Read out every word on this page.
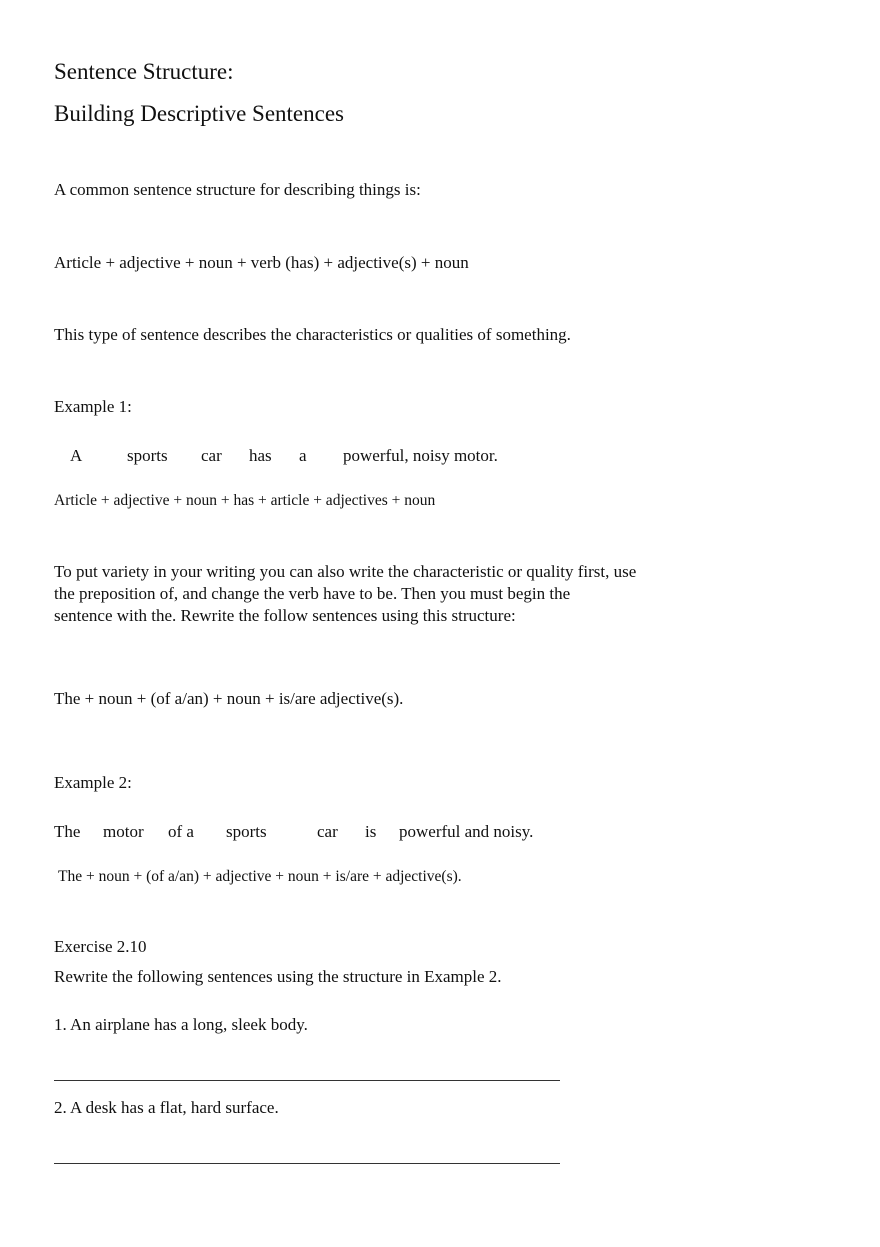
Sentence Structure:
Building Descriptive Sentences
A common sentence structure for describing things is:
Article + adjective + noun + verb (has) + adjective(s) + noun
This type of sentence describes the characteristics or qualities of something.
Example 1:
A	sports car has a powerful, noisy motor.
Article + adjective + noun + has + article + adjectives + noun
To put variety in your writing you can also write the characteristic or quality first, use
the preposition of, and change the verb have to be. Then you must begin the
sentence with the. Rewrite the follow sentences using this structure:
The + noun + (of a/an) + noun + is/are adjective(s).
Example 2:
The motor of a sports	car is powerful and noisy.
The + noun + (of a/an) + adjective + noun + is/are + adjective(s).
Exercise 2.10
Rewrite the following sentences using the structure in Example 2.
1. An airplane has a long, sleek body.
2. A desk has a flat, hard surface.
